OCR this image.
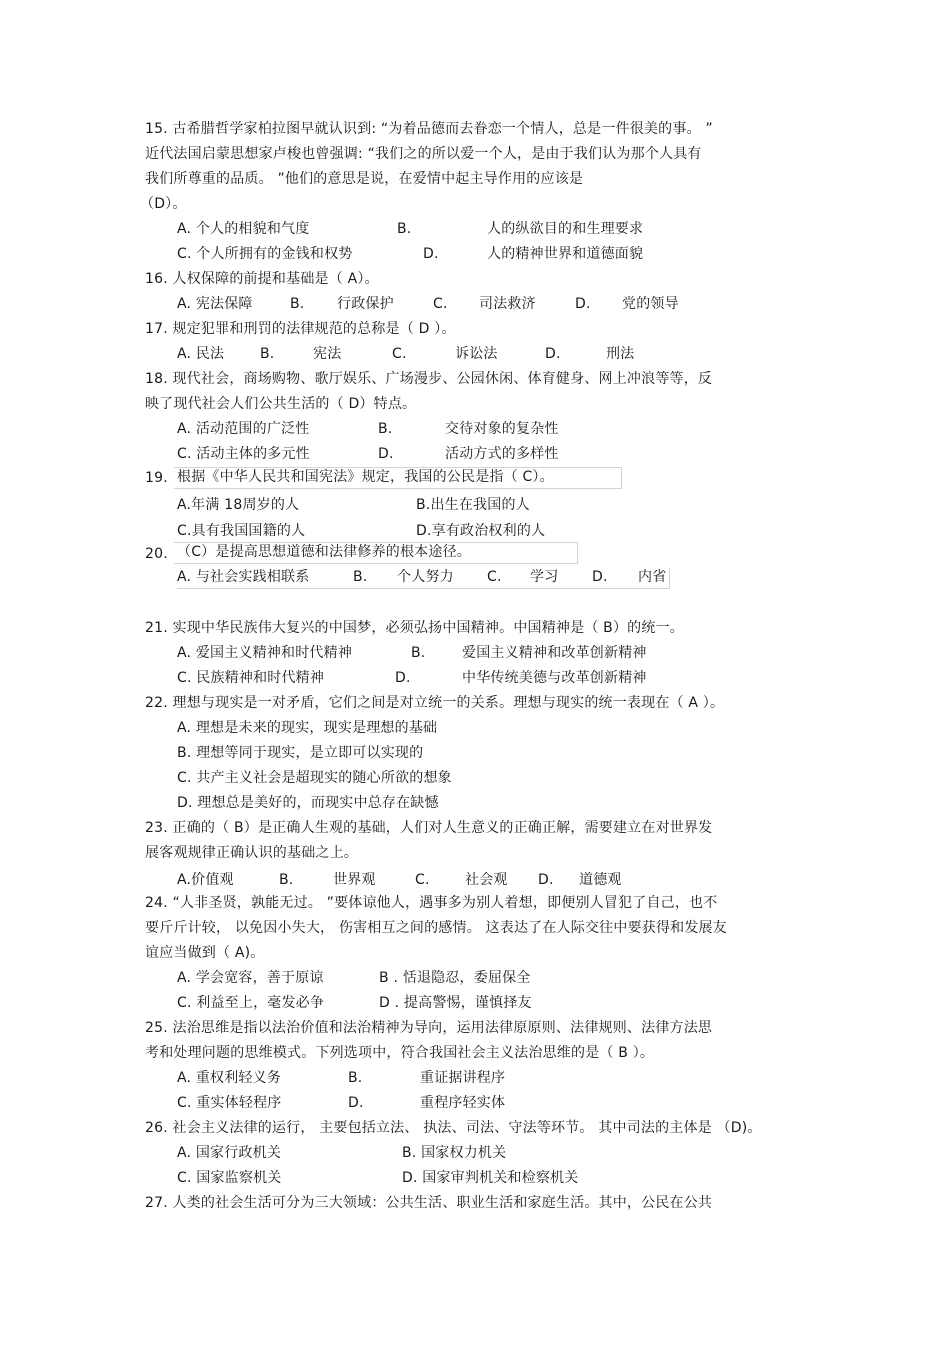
15. 古希腊哲学家柏拉图早就认识到: “为着品德而去眷恋一个情人，总是一件很美的事。 ”
近代法国启蒙思想家卢梭也曾强调: “我们之的所以爱一个人，是由于我们认为那个人具有
我们所尊重的品质。 ”他们的意思是说，在爱情中起主导作用的应该是
（D）。
A. 个人的相貌和气度	B.	人的纵欲目的和生理要求
C. 个人所拥有的金钱和权势	D.	人的精神世界和道德面貌
16. 人权保障的前提和基础是（ A）。
A. 宪法保障	B. 行政保护	C. 司法救济	D. 党的领导
17. 规定犯罪和刑罚的法律规范的总称是（ D ）。
A. 民法	B.	宪法	C.	诉讼法	D.	刑法
18. 现代社会，商场购物、歌厅娱乐、广场漫步、公园休闲、体育健身、网上冲浪等等，反
映了现代社会人们公共生活的（ D）特点。
A. 活动范围的广泛性	B.	交待对象的复杂性
C. 活动主体的多元性	D.	活动方式的多样性
19. 根据《中华人民共和国宪法》规定，我国的公民是指（ C）。
A.年满 18周岁的人	B.出生在我国的人
C.具有我国国籍的人	D.享有政治权利的人
20. （C）是提高思想道德和法律修养的根本途径。
A. 与社会实践相联系	B. 个人努力 C. 学习 D. 内省
21. 实现中华民族伟大复兴的中国梦，必须弘扬中国精神。中国精神是（ B）的统一。
A. 爱国主义精神和时代精神	B.	爱国主义精神和改革创新精神
C. 民族精神和时代精神	D.	中华传统美德与改革创新精神
22. 理想与现实是一对矛盾，它们之间是对立统一的关系。理想与现实的统一表现在（ A ）。
A. 理想是未来的现实，现实是理想的基础
B. 理想等同于现实，是立即可以实现的
C. 共产主义社会是超现实的随心所欲的想象
D. 理想总是美好的，而现实中总存在缺憾
23. 正确的（ B）是正确人生观的基础，人们对人生意义的正确正解，需要建立在对世界发
展客观规律正确认识的基础之上。
A.价值观	B.	世界观	C.	社会观 D. 道德观
24. “人非圣贤，孰能无过。 ”要体谅他人，遇事多为别人着想，即便别人冒犯了自己，也不
要斤斤计较， 以免因小失大， 伤害相互之间的感情。 这表达了在人际交往中要获得和发展友
谊应当做到（ A)。
A. 学会宽容，善于原谅	B . 恬退隐忍，委屈保全
C. 利益至上，毫发必争	D . 提高警惕，谨慎择友
25. 法治思维是指以法治价值和法治精神为导向，运用法律原原则、法律规则、法律方法思
考和处理问题的思维模式。下列选项中，符合我国社会主义法治思维的是（ B ）。
A. 重权利轻义务	B.	重证据讲程序
C. 重实体轻程序	D.	重程序轻实体
26. 社会主义法律的运行， 主要包括立法、 执法、司法、守法等环节。 其中司法的主体是 （D)。
A. 国家行政机关	B. 国家权力机关
C. 国家监察机关	D. 国家审判机关和检察机关
27. 人类的社会生活可分为三大领域：公共生活、职业生活和家庭生活。其中，公民在公共
